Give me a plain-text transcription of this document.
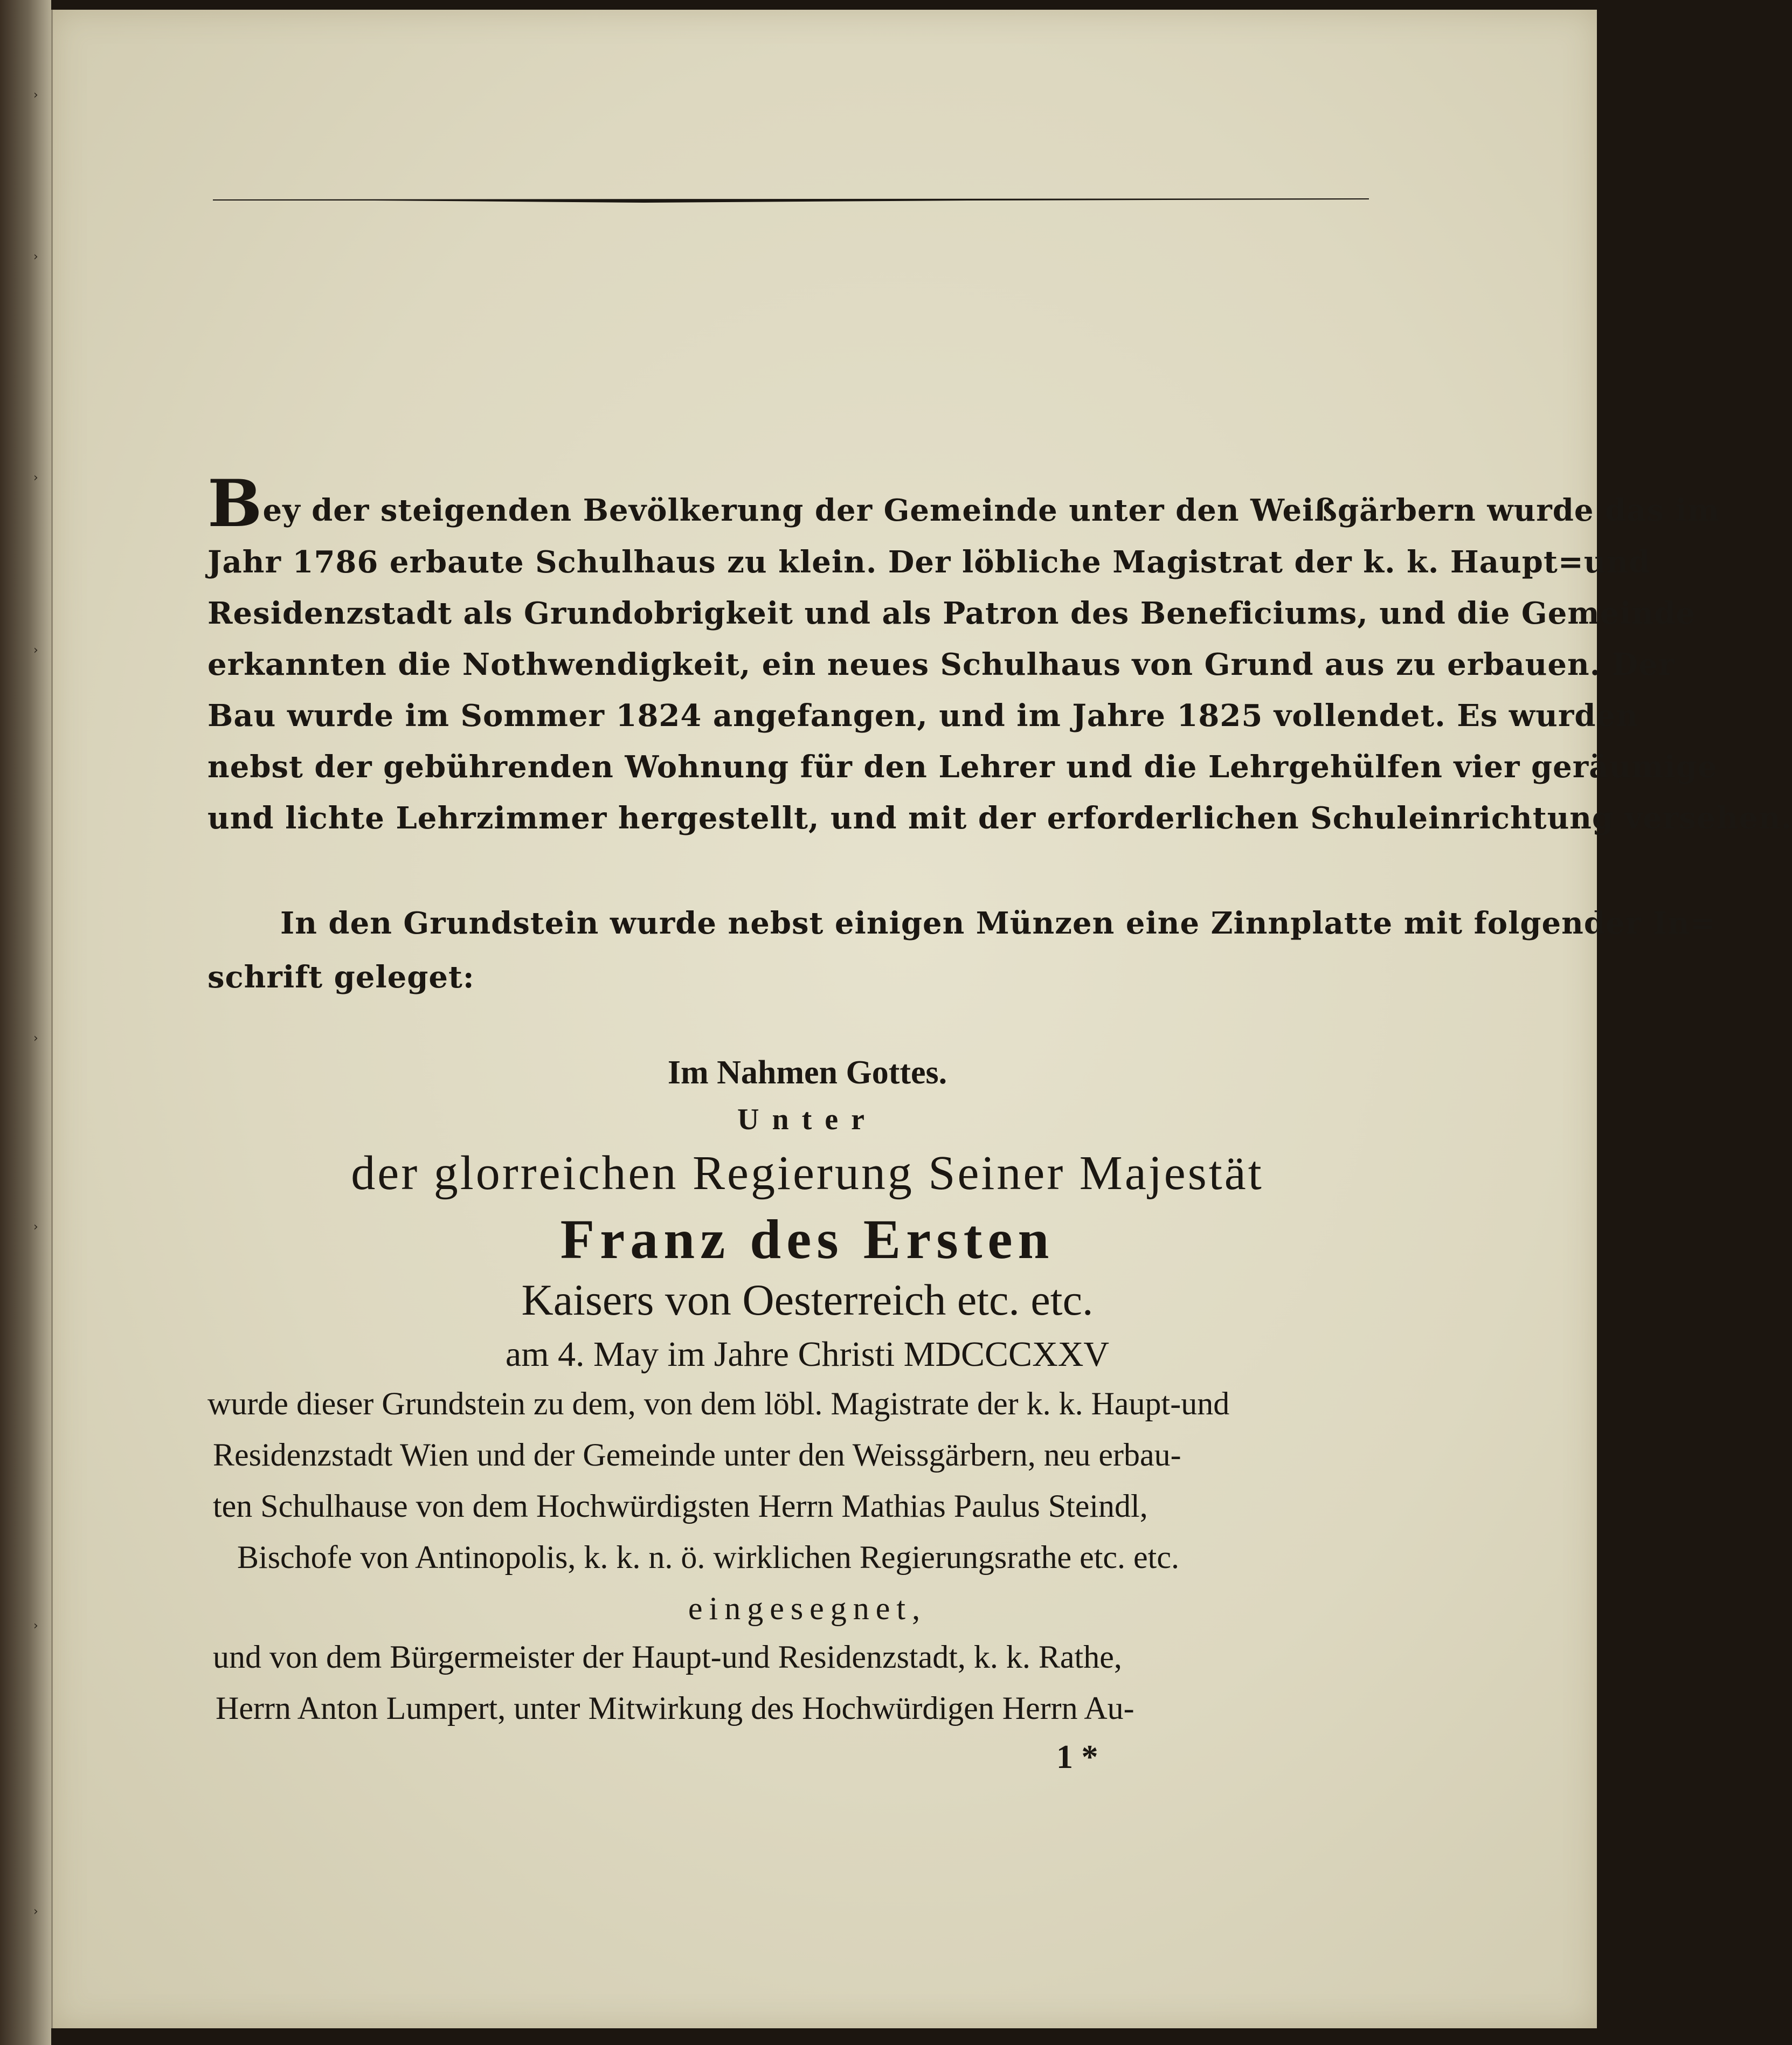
›
›
›
›
›
›
›
›
Bey der steigenden Bevölkerung der Gemeinde unter den Weißgärbern wurde das im
Jahr 1786 erbaute Schulhaus zu klein. Der löbliche Magistrat der k. k. Haupt=und
Residenzstadt als Grundobrigkeit und als Patron des Beneficiums, und die Gemeinde
erkannten die Nothwendigkeit, ein neues Schulhaus von Grund aus zu erbauen. Der
Bau wurde im Sommer 1824 angefangen, und im Jahre 1825 vollendet. Es wurden
nebst der gebührenden Wohnung für den Lehrer und die Lehrgehülfen vier geräumige
und lichte Lehrzimmer hergestellt, und mit der erforderlichen Schuleinrichtung versehen.
In den Grundstein wurde nebst einigen Münzen eine Zinnplatte mit folgender In=
schrift geleget:
Im Nahmen Gottes.
Unter
der glorreichen Regierung Seiner Majestät
Franz des Ersten
Kaisers von Oesterreich etc. etc.
am 4. May im Jahre Christi MDCCCXXV
wurde dieser Grundstein zu dem, von dem löbl. Magistrate der k. k. Haupt-und
Residenzstadt Wien und der Gemeinde unter den Weissgärbern, neu erbau-
ten Schulhause von dem Hochwürdigsten Herrn Mathias Paulus Steindl,
Bischofe von Antinopolis, k. k. n. ö. wirklichen Regierungsrathe etc. etc.
eingesegnet,
und von dem Bürgermeister der Haupt-und Residenzstadt, k. k. Rathe,
Herrn Anton Lumpert, unter Mitwirkung des Hochwürdigen Herrn Au-
1 *
